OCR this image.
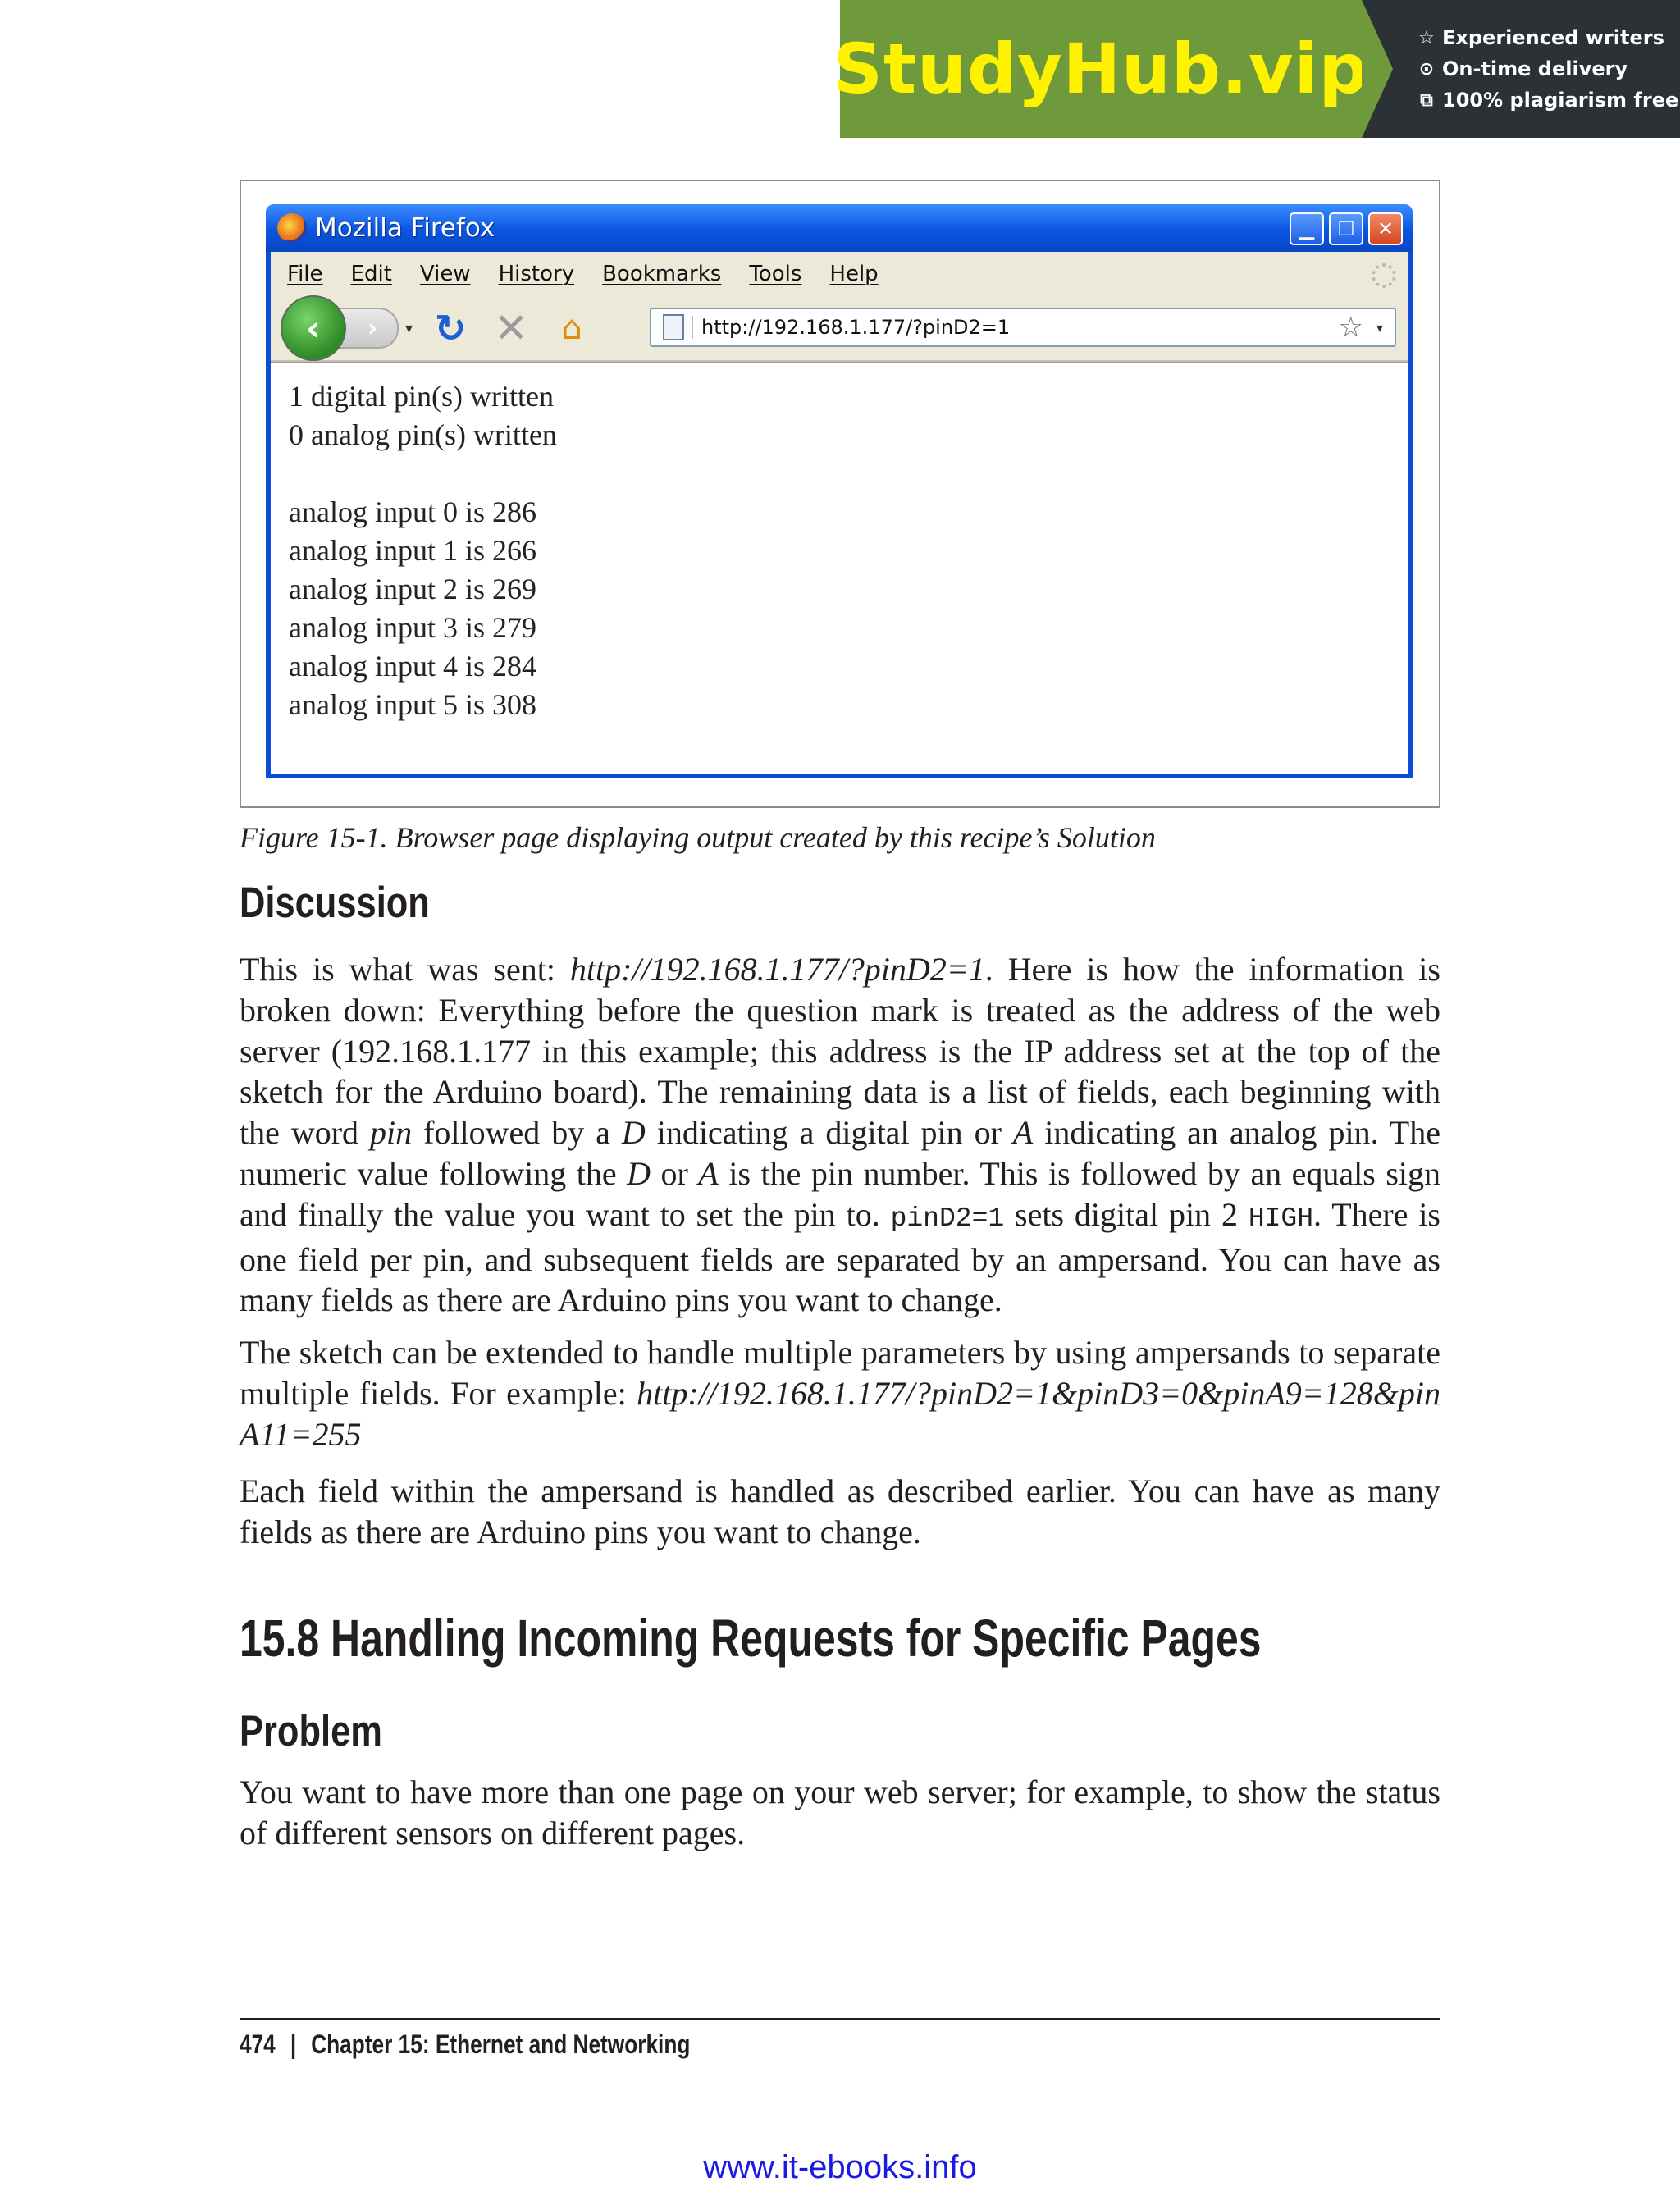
StudyHub.vip	☆ Experienced writers
⊙ On-time delivery
⧉ 100% plagiarism free
Mozilla Firefox	▁	☐	✕
File Edit View History Bookmarks Tools Help
‹	›	▾ ↻ ✕	⌂	http://192.168.1.177/?pinD2=1	☆ ▾
1 digital pin(s) written
0 analog pin(s) written
analog input 0 is 286
analog input 1 is 266
analog input 2 is 269
analog input 3 is 279
analog input 4 is 284
analog input 5 is 308
Figure 15-1. Browser page displaying output created by this recipe’s Solution
Discussion
This is what was sent: http://192.168.1.177/?pinD2=1. Here is how the information is broken down: Everything before the question mark is treated as the address of the web server (192.168.1.177 in this example; this address is the IP address set at the top of the sketch for the Arduino board). The remaining data is a list of fields, each beginning with the word pin followed by a D indicating a digital pin or A indicating an analog pin. The numeric value following the D or A is the pin number. This is followed by an equals sign and finally the value you want to set the pin to. pinD2=1 sets digital pin 2 HIGH. There is one field per pin, and subsequent fields are separated by an ampersand. You can have as many fields as there are Arduino pins you want to change.
The sketch can be extended to handle multiple parameters by using ampersands to separate multiple fields. For example: http://192.168.1.177/?pinD2=1&pinD3=0&pinA9=128&pinA11=255
Each field within the ampersand is handled as described earlier. You can have as many fields as there are Arduino pins you want to change.
15.8 Handling Incoming Requests for Specific Pages
Problem
You want to have more than one page on your web server; for example, to show the status of different sensors on different pages.
474 | Chapter 15: Ethernet and Networking
www.it-ebooks.info
